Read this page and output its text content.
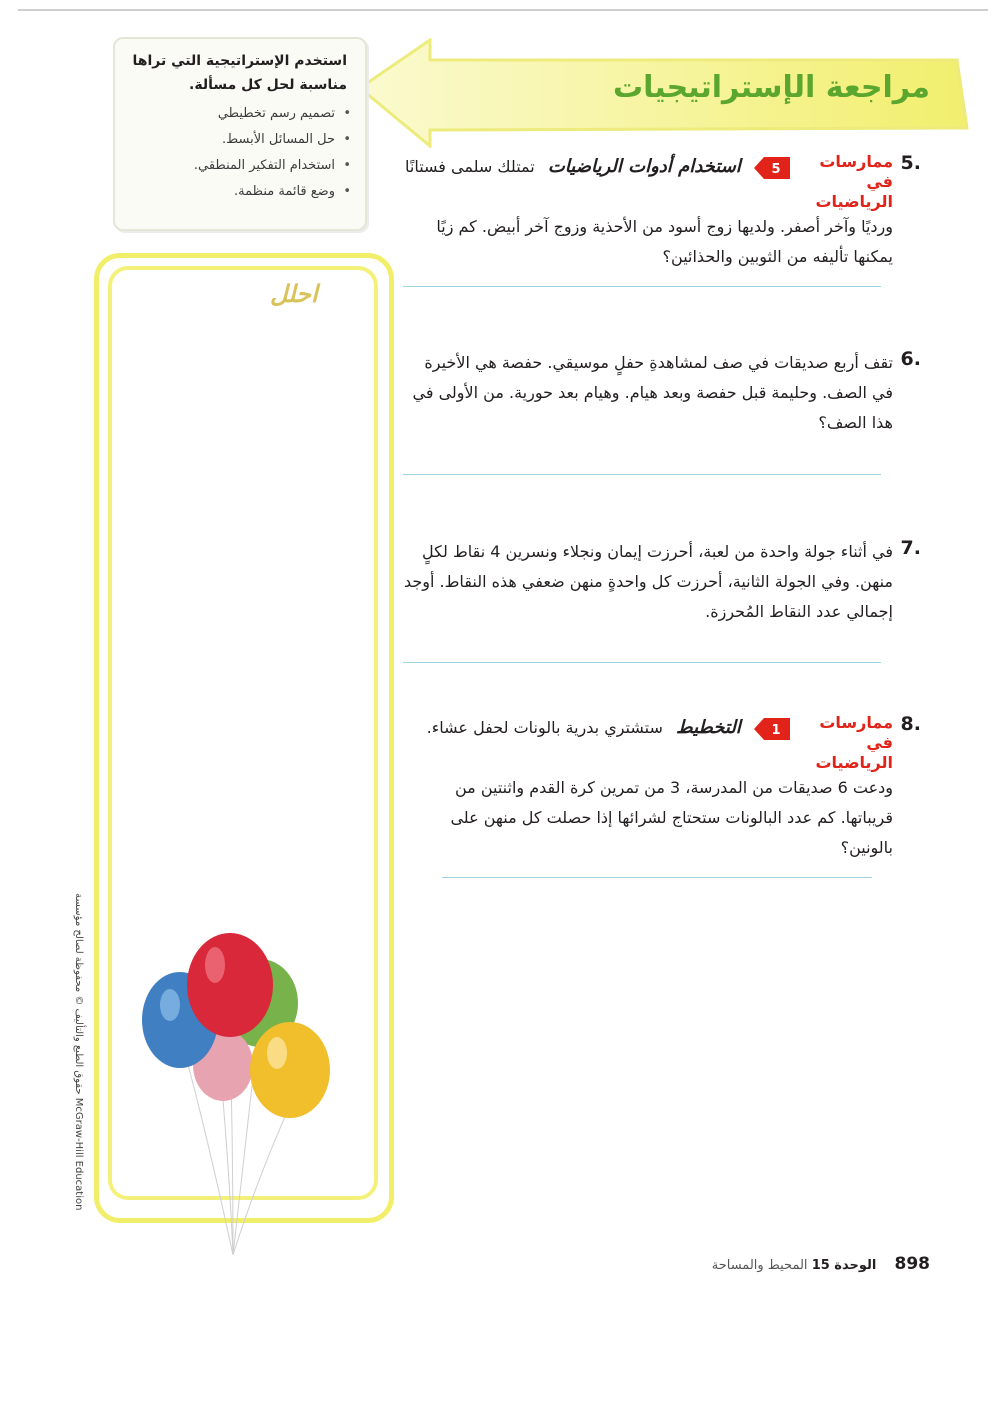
مراجعة الإستراتيجيات
استخدم الإستراتيجية التي تراها مناسبة لحل كل مسألة.
• تصميم رسم تخطيطي
• حل المسائل الأبسط.
• استخدام التفكير المنطقي.
• وضع قائمة منظمة.
احلل
حقوق الطبع والتأليف © محفوظة لصالح مؤسسة McGraw-Hill Education
5.
ممارسات في الرياضيات
5
استخدام أدوات الرياضيات تمتلك سلمى فستانًا ورديًا وآخر أصفر. ولديها زوج أسود من الأحذية وزوج آخر أبيض. كم زيًا يمكنها تأليفه من الثوبين والحذائين؟
6.
تقف أربع صديقات في صف لمشاهدةِ حفلٍ موسيقي. حفصة هي الأخيرة في الصف. وحليمة قبل حفصة وبعد هيام. وهيام بعد حورية. من الأولى في هذا الصف؟
7.
في أثناء جولة واحدة من لعبة، أحرزت إيمان ونجلاء ونسرين 4 نقاط لكلٍ منهن. وفي الجولة الثانية، أحرزت كل واحدةٍ منهن ضعفي هذه النقاط. أوجد إجمالي عدد النقاط المُحرزة.
8.
ممارسات في الرياضيات
1
التخطيط ستشتري بدرية بالونات لحفل عشاء. ودعت 6 صديقات من المدرسة، 3 من تمرين كرة القدم واثنتين من قريباتها. كم عدد البالونات ستحتاج لشرائها إذا حصلت كل منهن على بالونين؟
898 الوحدة 15 المحيط والمساحة
